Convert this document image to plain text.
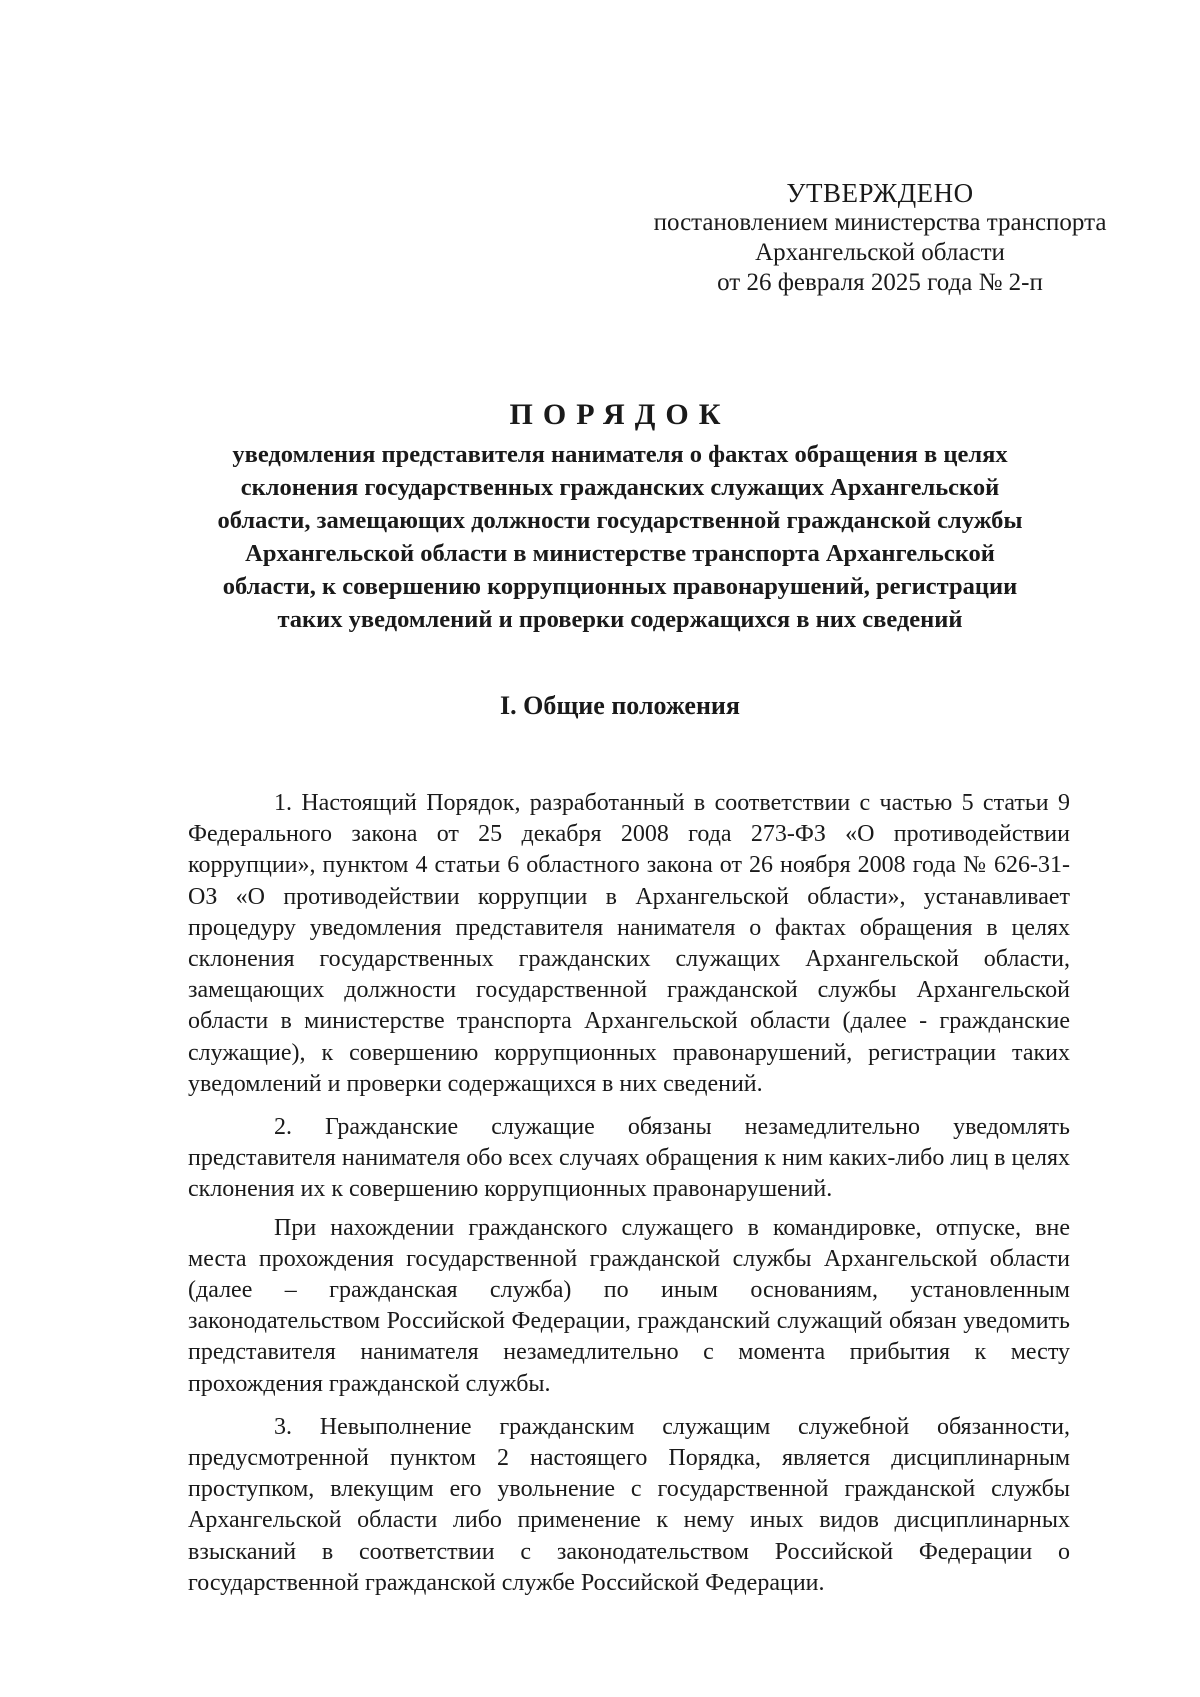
УТВЕРЖДЕНО
постановлением министерства транспорта
Архангельской области
от 26 февраля 2025 года № 2-п
ПОРЯДОК
уведомления представителя нанимателя о фактах обращения в целях
склонения государственных гражданских служащих Архангельской
области, замещающих должности государственной гражданской службы
Архангельской области в министерстве транспорта Архангельской
области, к совершению коррупционных правонарушений, регистрации
таких уведомлений и проверки содержащихся в них сведений
I. Общие положения

1. Настоящий Порядок, разработанный в соответствии с частью 5 статьи 9 Федерального закона от 25 декабря 2008 года 273-ФЗ «О противодействии коррупции», пунктом 4 статьи 6 областного закона от 26 ноября 2008 года № 626-31-ОЗ «О противодействии коррупции в Архангельской области», устанавливает процедуру уведомления представителя нанимателя о фактах обращения в целях склонения государственных гражданских служащих Архангельской области, замещающих должности государственной гражданской службы Архангельской области в министерстве транспорта Архангельской области (далее - гражданские служащие), к совершению коррупционных правонарушений, регистрации таких уведомлений и проверки содержащихся в них сведений.

2. Гражданские служащие обязаны незамедлительно уведомлять представителя нанимателя обо всех случаях обращения к ним каких-либо лиц в целях склонения их к совершению коррупционных правонарушений.

При нахождении гражданского служащего в командировке, отпуске, вне места прохождения государственной гражданской службы Архангельской области (далее – гражданская служба) по иным основаниям, установленным законодательством Российской Федерации, гражданский служащий обязан уведомить представителя нанимателя незамедлительно с момента прибытия к месту прохождения гражданской службы.

3. Невыполнение гражданским служащим служебной обязанности, предусмотренной пунктом 2 настоящего Порядка, является дисциплинарным проступком, влекущим его увольнение с государственной гражданской службы Архангельской области либо применение к нему иных видов дисциплинарных взысканий в соответствии с законодательством Российской Федерации о государственной гражданской службе Российской Федерации.
